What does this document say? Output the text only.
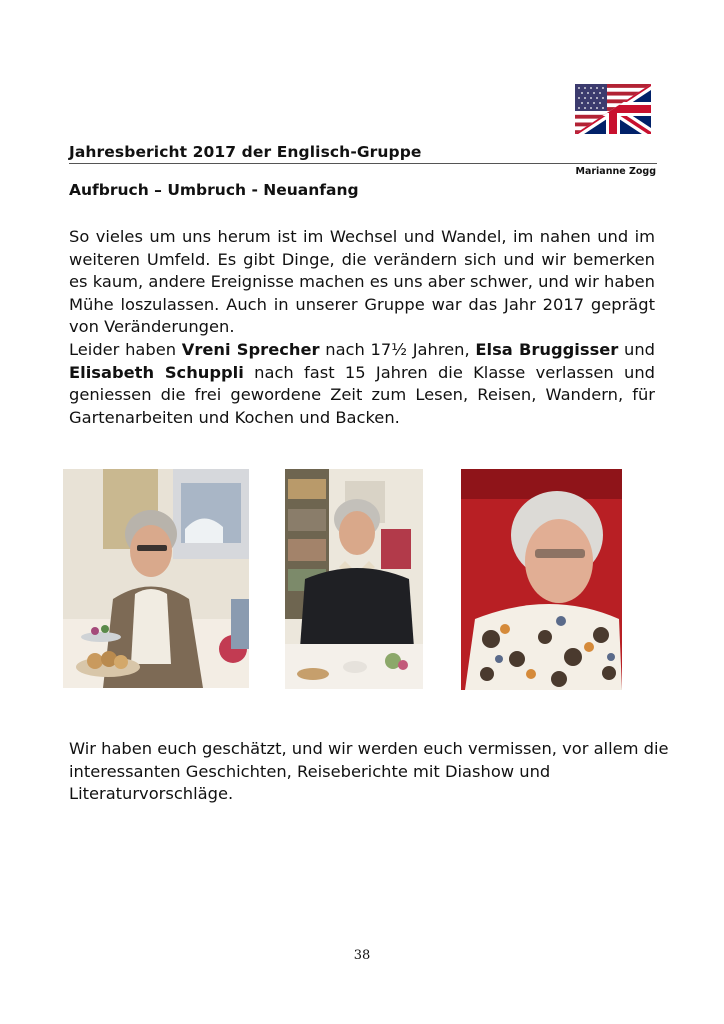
Jahresbericht 2017 der Englisch-Gruppe
Marianne Zogg
Aufbruch – Umbruch - Neuanfang

So vieles um uns herum ist im Wechsel und Wandel, im nahen und im weiteren Umfeld. Es gibt Dinge, die verändern sich und wir bemerken es kaum, andere Ereignisse machen es uns aber schwer, und wir haben Mühe loszulassen. Auch in unserer Gruppe war das Jahr 2017 geprägt von Veränderungen.

Leider haben Vreni Sprecher nach 17½ Jahren, Elsa Bruggisser und Elisabeth Schuppli nach fast 15 Jahren die Klasse verlassen und geniessen die frei gewordene Zeit zum Lesen, Reisen, Wandern, für Gartenarbeiten und Kochen und Backen.

Wir haben euch geschätzt, und wir werden euch vermissen, vor allem die interessanten Geschichten, Reiseberichte mit Diashow und Literaturvorschläge.
38
